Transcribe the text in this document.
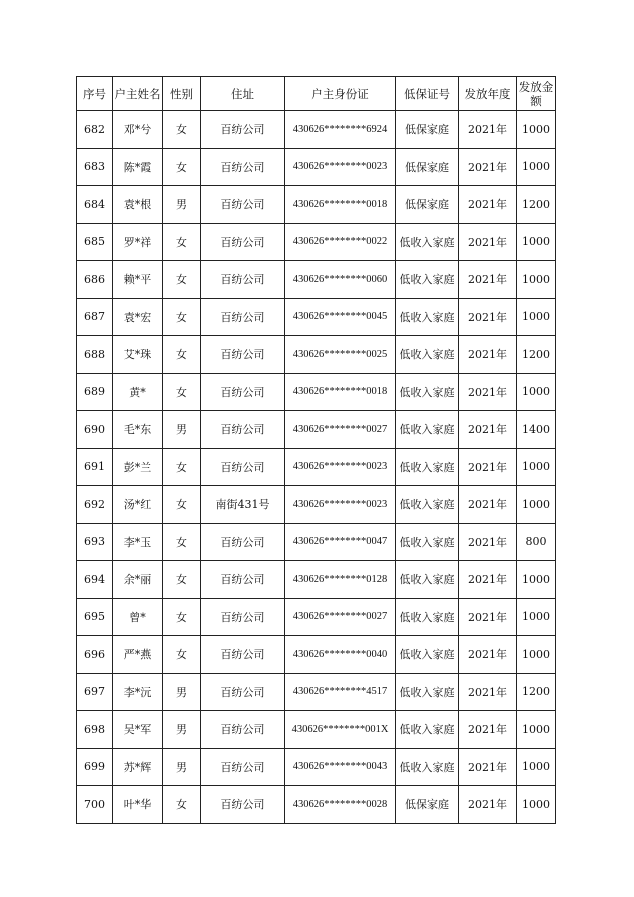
序号	户主姓名	性别	住址	户主身份证	低保证号	发放年度	发放金额
682	邓*兮	女	百纺公司	430626********6924	低保家庭	2021年	1000
683	陈*霞	女	百纺公司	430626********0023	低保家庭	2021年	1000
684	袁*根	男	百纺公司	430626********0018	低保家庭	2021年	1200
685	罗*祥	女	百纺公司	430626********0022	低收入家庭	2021年	1000
686	赖*平	女	百纺公司	430626********0060	低收入家庭	2021年	1000
687	袁*宏	女	百纺公司	430626********0045	低收入家庭	2021年	1000
688	艾*珠	女	百纺公司	430626********0025	低收入家庭	2021年	1200
689	黄*	女	百纺公司	430626********0018	低收入家庭	2021年	1000
690	毛*东	男	百纺公司	430626********0027	低收入家庭	2021年	1400
691	彭*兰	女	百纺公司	430626********0023	低收入家庭	2021年	1000
692	汤*红	女	南街431号	430626********0023	低收入家庭	2021年	1000
693	李*玉	女	百纺公司	430626********0047	低收入家庭	2021年	800
694	余*丽	女	百纺公司	430626********0128	低收入家庭	2021年	1000
695	曾*	女	百纺公司	430626********0027	低收入家庭	2021年	1000
696	严*燕	女	百纺公司	430626********0040	低收入家庭	2021年	1000
697	李*沅	男	百纺公司	430626********4517	低收入家庭	2021年	1200
698	吴*军	男	百纺公司	430626********001X	低收入家庭	2021年	1000
699	苏*辉	男	百纺公司	430626********0043	低收入家庭	2021年	1000
700	叶*华	女	百纺公司	430626********0028	低保家庭	2021年	1000
